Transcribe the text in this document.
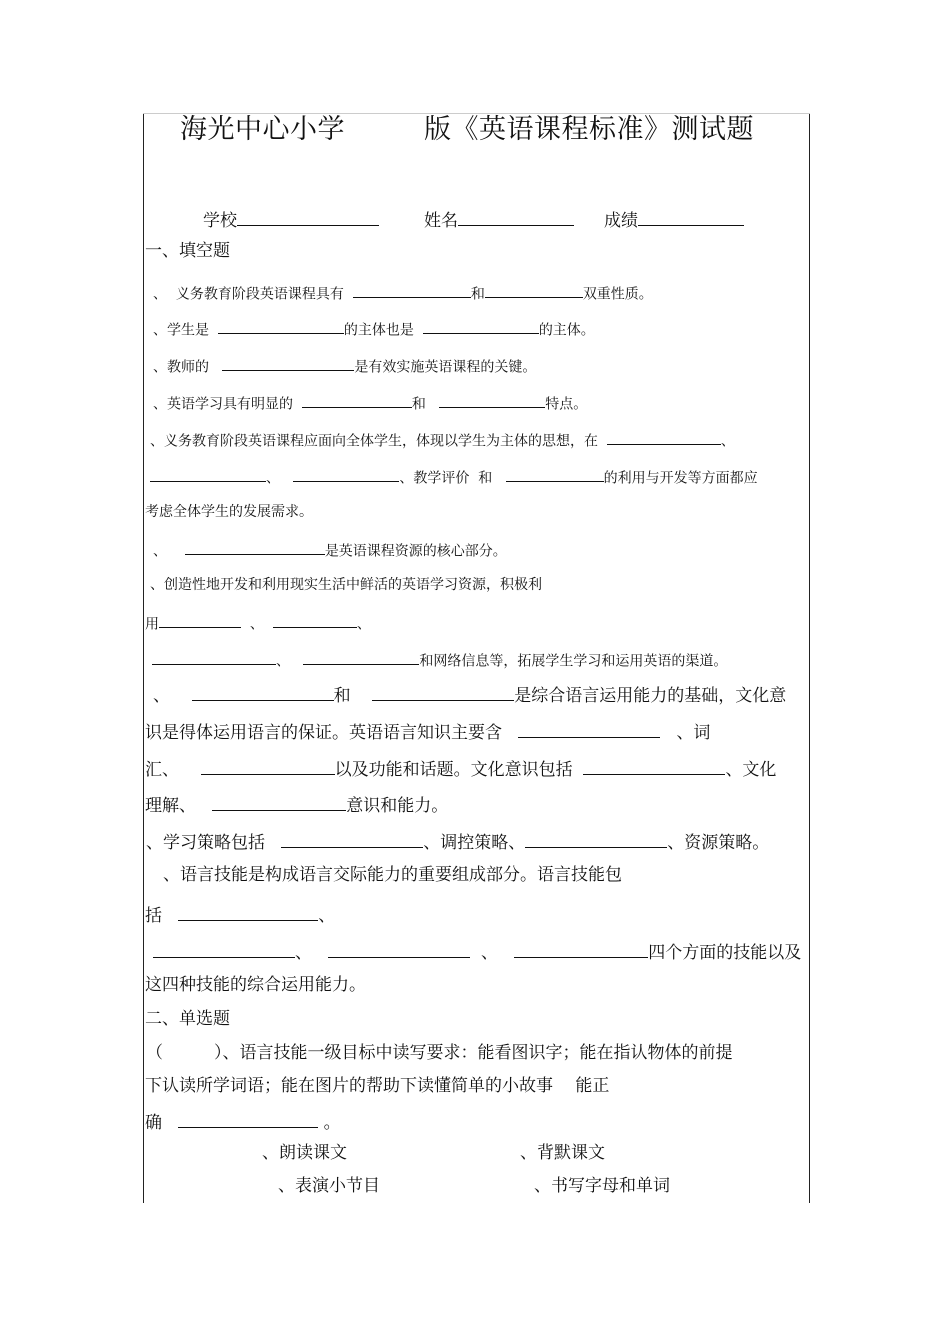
海光中心小学	版《英语课程标准》测试题
学校	姓名	成绩
一、填空题
、 义务教育阶段英语课程具有	和	双重性质。
、学生是	的主体也是	的主体。
、教师的	是有效实施英语课程的关键。
、英语学习具有明显的	和	特点。
、义务教育阶段英语课程应面向全体学生，体现以学生为主体的思想，在	、
、	、教学评价 和	的利用与开发等方面都应
考虑全体学生的发展需求。
、	是英语课程资源的核心部分。
、创造性地开发和利用现实生活中鲜活的英语学习资源，积极利
用	、	、
、	和网络信息等，拓展学生学习和运用英语的渠道。
、	和	是综合语言运用能力的基础，文化意
识是得体运用语言的保证。英语语言知识主要含	、词
汇、	以及功能和话题。文化意识包括	、文化
理解、	意识和能力。
、学习策略包括	、调控策略、	、资源策略。
、语言技能是构成语言交际能力的重要组成部分。语言技能包
括	、
、	、	四个方面的技能以及
这四种技能的综合运用能力。
二、单选题
（　　　）、语言技能一级目标中读写要求：能看图识字；能在指认物体的前提
下认读所学词语；能在图片的帮助下读懂简单的小故事　 能正
确	。
、朗读课文	、背默课文
、表演小节目	、书写字母和单词
